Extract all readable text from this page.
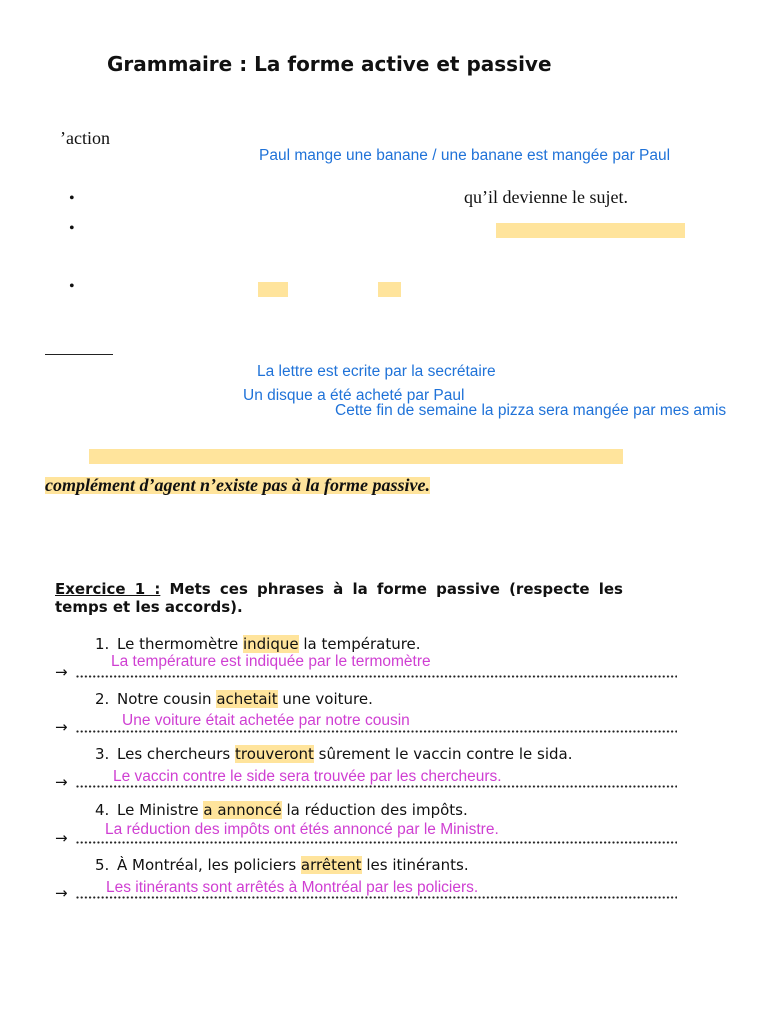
Grammaire : La forme active et passive
’action
Paul mange une banane / une banane est mangée par Paul
•	qu’il devienne le sujet.
•
•
La lettre est ecrite par la secrétaire
Un disque a été acheté par Paul
Cette fin de semaine la pizza sera mangée par mes amis
complément d’agent n’existe pas à la forme passive.
Exercice 1 : Mets ces phrases à la forme passive (respecte les
temps et les accords).
1. Le thermomètre indique la température.
La température est indiquée par le termomètre
→
2. Notre cousin achetait une voiture.
Une voiture était achetée par notre cousin
→
3. Les chercheurs trouveront sûrement le vaccin contre le sida.
Le vaccin contre le side sera trouvée par les chercheurs.
→
4. Le Ministre a annoncé la réduction des impôts.
La réduction des impôts ont étés annoncé par le Ministre.
→
5. À Montréal, les policiers arrêtent les itinérants.
Les itinérants sont arrêtés à Montréal par les policiers.
→
